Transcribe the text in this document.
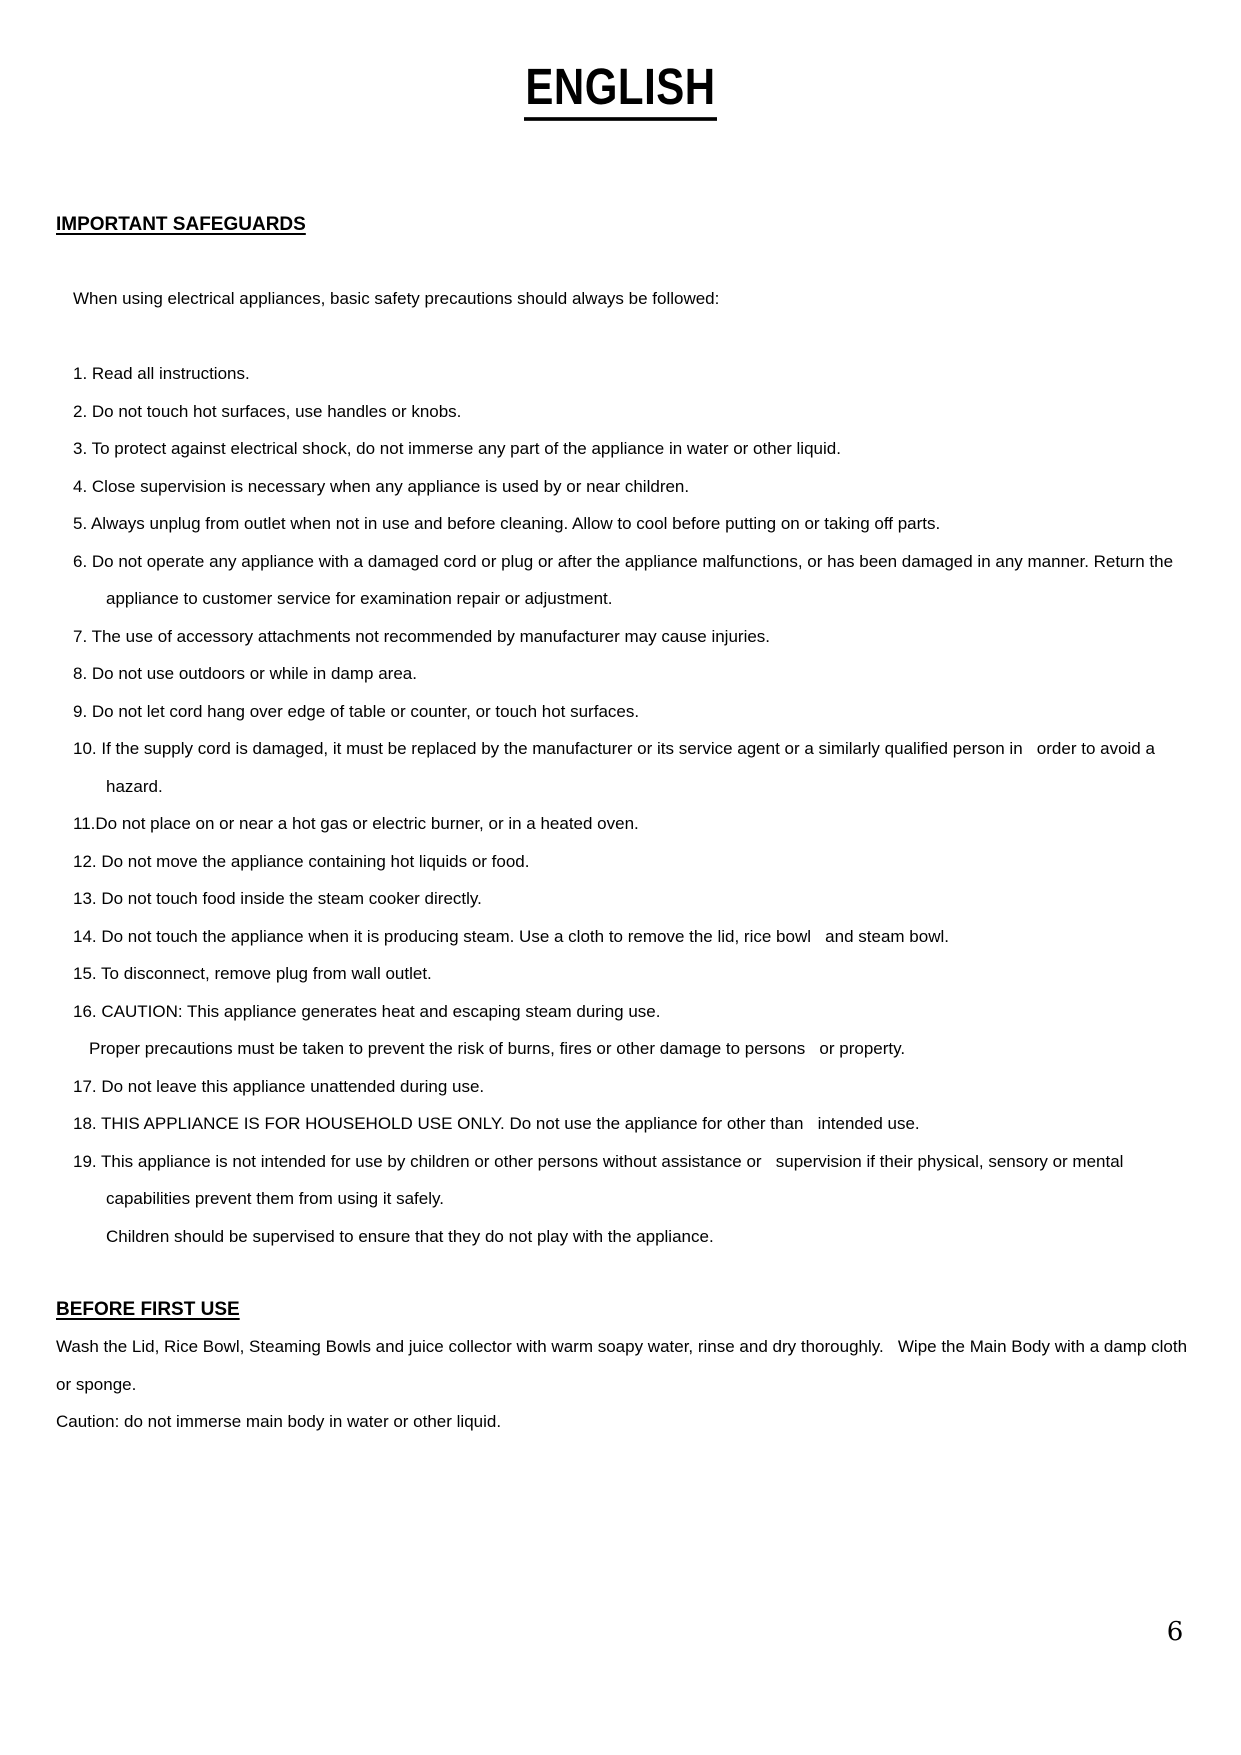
ENGLISH
IMPORTANT SAFEGUARDS
When using electrical appliances, basic safety precautions should always be followed:
1. Read all instructions.
2. Do not touch hot surfaces, use handles or knobs.
3. To protect against electrical shock, do not immerse any part of the appliance in water or other liquid.
4. Close supervision is necessary when any appliance is used by or near children.
5. Always unplug from outlet when not in use and before cleaning. Allow to cool before putting on or taking off parts.
6. Do not operate any appliance with a damaged cord or plug or after the appliance malfunctions, or has been damaged in any manner. Return the
appliance to customer service for examination repair or adjustment.
7. The use of accessory attachments not recommended by manufacturer may cause injuries.
8. Do not use outdoors or while in damp area.
9. Do not let cord hang over edge of table or counter, or touch hot surfaces.
10. If the supply cord is damaged, it must be replaced by the manufacturer or its service agent or a similarly qualified person in   order to avoid a
hazard.
11.Do not place on or near a hot gas or electric burner, or in a heated oven.
12. Do not move the appliance containing hot liquids or food.
13. Do not touch food inside the steam cooker directly.
14. Do not touch the appliance when it is producing steam. Use a cloth to remove the lid, rice bowl   and steam bowl.
15. To disconnect, remove plug from wall outlet.
16. CAUTION: This appliance generates heat and escaping steam during use.
Proper precautions must be taken to prevent the risk of burns, fires or other damage to persons   or property.
17. Do not leave this appliance unattended during use.
18. THIS APPLIANCE IS FOR HOUSEHOLD USE ONLY. Do not use the appliance for other than   intended use.
19. This appliance is not intended for use by children or other persons without assistance or   supervision if their physical, sensory or mental
capabilities prevent them from using it safely.
Children should be supervised to ensure that they do not play with the appliance.
BEFORE FIRST USE
Wash the Lid, Rice Bowl, Steaming Bowls and juice collector with warm soapy water, rinse and dry thoroughly.   Wipe the Main Body with a damp cloth
or sponge.
Caution: do not immerse main body in water or other liquid.
6
